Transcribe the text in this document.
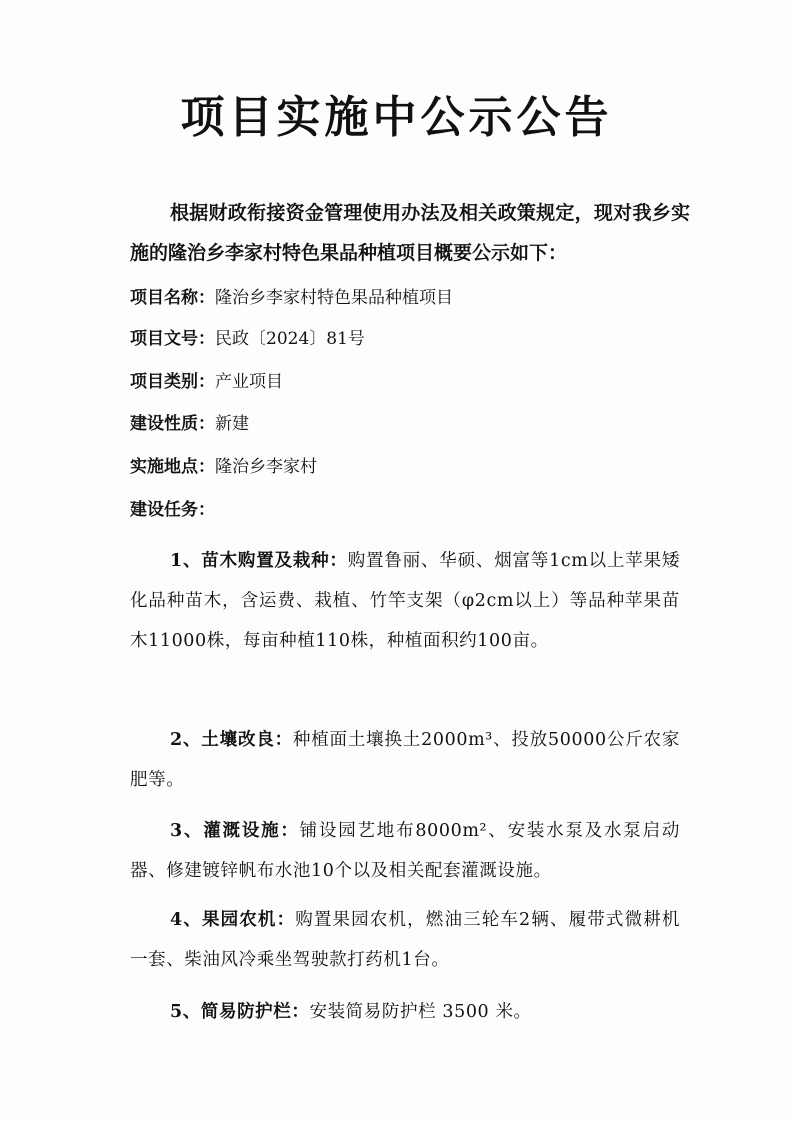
项目实施中公示公告
根据财政衔接资金管理使用办法及相关政策规定，现对我乡实施的隆治乡李家村特色果品种植项目概要公示如下：
项目名称：隆治乡李家村特色果品种植项目
项目文号：民政〔2024〕81号
项目类别：产业项目
建设性质：新建
实施地点：隆治乡李家村
建设任务：
1、苗木购置及栽种：购置鲁丽、华硕、烟富等1cm以上苹果矮化品种苗木，含运费、栽植、竹竿支架（φ2cm以上）等品种苹果苗木11000株，每亩种植110株，种植面积约100亩。
2、土壤改良：种植面土壤换土2000m³、投放50000公斤农家肥等。
3、灌溉设施：铺设园艺地布8000m²、安装水泵及水泵启动器、修建镀锌帆布水池10个以及相关配套灌溉设施。
4、果园农机：购置果园农机，燃油三轮车2辆、履带式微耕机一套、柴油风冷乘坐驾驶款打药机1台。
5、简易防护栏：安装简易防护栏 3500 米。
